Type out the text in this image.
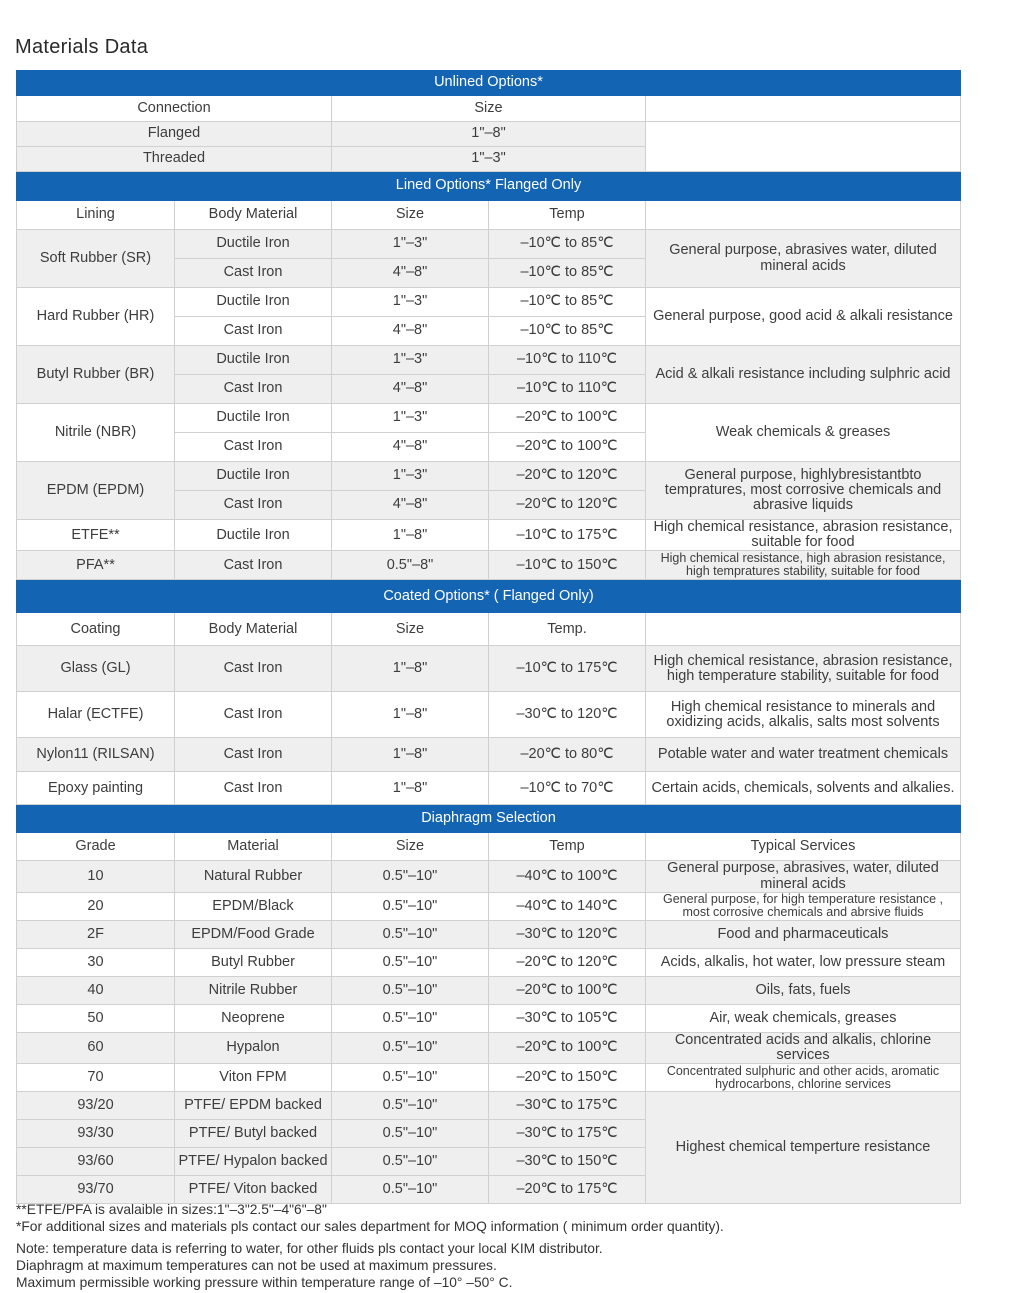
Materials Data
Unlined Options*				
Connection		Size		
Flanged		1"–8"		
Threaded		1"–3"		
Lined Options* Flanged Only				
Lining	Body Material	Size	Temp	
Soft Rubber (SR)	Ductile Iron	1"–3"	–10℃ to 85℃	General purpose, abrasives water, diluted mineral acids
	Cast Iron	4"–8"	–10℃ to 85℃	
Hard Rubber (HR)	Ductile Iron	1"–3"	–10℃ to 85℃	General purpose, good acid & alkali resistance
	Cast Iron	4"–8"	–10℃ to 85℃	
Butyl Rubber (BR)	Ductile Iron	1"–3"	–10℃ to 110℃	Acid & alkali resistance including sulphric acid
	Cast Iron	4"–8"	–10℃ to 110℃	
Nitrile (NBR)	Ductile Iron	1"–3"	–20℃ to 100℃	Weak chemicals & greases
	Cast Iron	4"–8"	–20℃ to 100℃	
EPDM (EPDM)	Ductile Iron	1"–3"	–20℃ to 120℃	General purpose, highlybresistantbto tempratures, most corrosive chemicals and abrasive liquids
	Cast Iron	4"–8"	–20℃ to 120℃	
ETFE**	Ductile Iron	1"–8"	–10℃ to 175℃	High chemical resistance, abrasion resistance, suitable for food
PFA**	Cast Iron	0.5"–8"	–10℃ to 150℃	High chemical resistance, high abrasion resistance, high tempratures stability, suitable for food
Coated Options* ( Flanged Only)				
Coating	Body Material	Size	Temp.	
Glass (GL)	Cast Iron	1"–8"	–10℃ to 175℃	High chemical resistance, abrasion resistance, high temperature stability, suitable for food
Halar (ECTFE)	Cast Iron	1"–8"	–30℃ to 120℃	High chemical resistance to minerals and oxidizing acids, alkalis, salts most solvents
Nylon11 (RILSAN)	Cast Iron	1"–8"	–20℃ to 80℃	Potable water and water treatment chemicals
Epoxy painting	Cast Iron	1"–8"	–10℃ to 70℃	Certain acids, chemicals, solvents and alkalies.
Diaphragm Selection				
Grade	Material	Size	Temp	Typical Services
10	Natural Rubber	0.5"–10"	–40℃ to 100℃	General purpose, abrasives, water, diluted mineral acids
20	EPDM/Black	0.5"–10"	–40℃ to 140℃	General purpose, for high temperature resistance , most corrosive chemicals and abrsive fluids
2F	EPDM/Food Grade	0.5"–10"	–30℃ to 120℃	Food and pharmaceuticals
30	Butyl Rubber	0.5"–10"	–20℃ to 120℃	Acids, alkalis, hot water, low pressure steam
40	Nitrile Rubber	0.5"–10"	–20℃ to 100℃	Oils, fats, fuels
50	Neoprene	0.5"–10"	–30℃ to 105℃	Air, weak chemicals, greases
60	Hypalon	0.5"–10"	–20℃ to 100℃	Concentrated acids and alkalis, chlorine services
70	Viton FPM	0.5"–10"	–20℃ to 150℃	Concentrated sulphuric and other acids, aromatic hydrocarbons, chlorine services
93/20	PTFE/ EPDM backed	0.5"–10"	–30℃ to 175℃	Highest chemical temperture resistance
93/30	PTFE/ Butyl backed	0.5"–10"	–30℃ to 175℃	
93/60	PTFE/ Hypalon backed	0.5"–10"	–30℃ to 150℃	
93/70	PTFE/ Viton backed	0.5"–10"	–20℃ to 175℃	

**ETFE/PFA is avalaible in sizes:1"–3"2.5"–4"6"–8"

*For additional sizes and materials pls contact our sales department for MOQ information ( minimum order quantity).

Note: temperature data is referring to water, for other fluids pls contact your local KIM distributor.

Diaphragm at maximum temperatures can not be used at maximum pressures.

Maximum permissible working pressure within temperature range of –10° –50° C.
